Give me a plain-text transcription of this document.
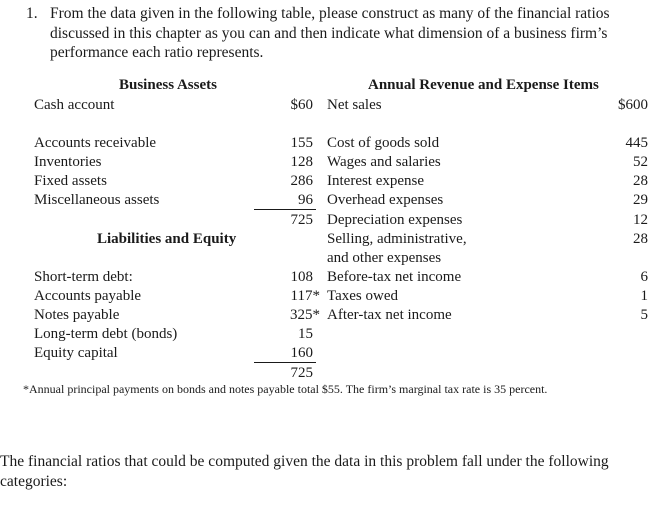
1. From the data given in the following table, please construct as many of the financial ratios discussed in this chapter as you can and then indicate what dimension of a business firm’s performance each ratio represents.
Business Assets	Annual Revenue and Expense Items
Liabilities and Equity
Cash account
Accounts receivable
Inventories
Fixed assets
Miscellaneous assets
$60
155
128
286
96
725
Short-term debt:
Accounts payable
Notes payable
Long-term debt (bonds)
Equity capital
108
117*
325*
15
160
725
Net sales
Cost of goods sold
Wages and salaries
Interest expense
Overhead expenses
Depreciation expenses
Selling, administrative,
and other expenses
Before-tax net income
Taxes owed
After-tax net income
$600
445
52
28
29
12
28
6
1
5
*Annual principal payments on bonds and notes payable total $55. The firm’s marginal tax rate is 35 percent.
The financial ratios that could be computed given the data in this problem fall under the following categories:
